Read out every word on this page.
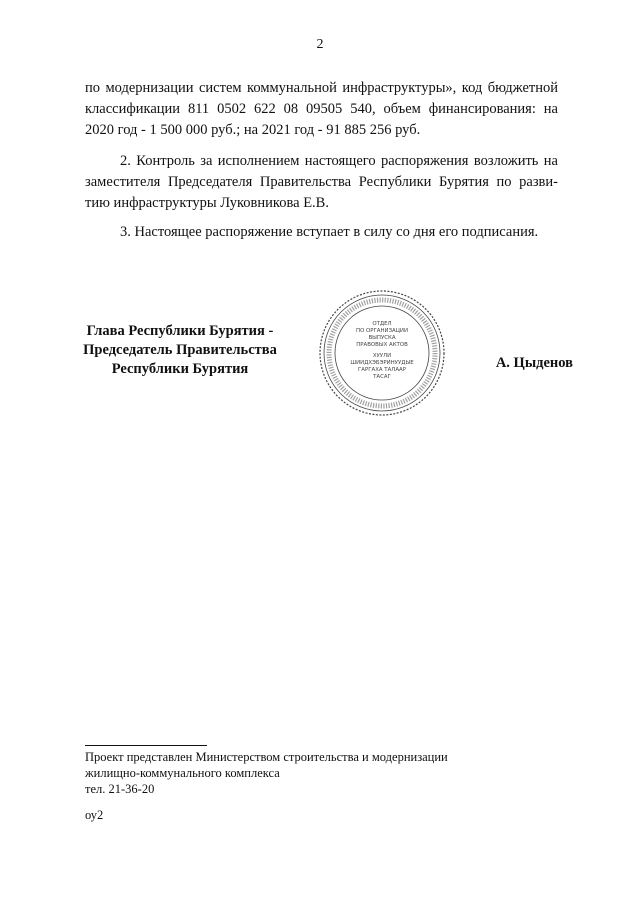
2
по модернизации систем коммунальной инфраструктуры», код бюджетной
классификации 811 0502 622 08 09505 540, объем финансирования: на
2020 год - 1 500 000 руб.; на 2021 год - 91 885 256 руб.
2. Контроль за исполнением настоящего распоряжения возложить на
заместителя Председателя Правительства Республики Бурятия по разви-
тию инфраструктуры Луковникова Е.В.
3. Настоящее распоряжение вступает в силу со дня его подписания.
Глава Республики Бурятия -
Председатель Правительства
Республики Бурятия
ОТДЕЛ
ПО ОРГАНИЗАЦИИ
ВЫПУСКА
ПРАВОВЫХ АКТОВ
ХУУЛИ
ШИИДХЭБЭРИНУУДЫЕ
ГАРГАХА ТАЛААР
ТАСАГ
А. Цыденов
Проект представлен Министерством строительства и модернизации
жилищно-коммунального комплекса
тел. 21-36-20
оу2
